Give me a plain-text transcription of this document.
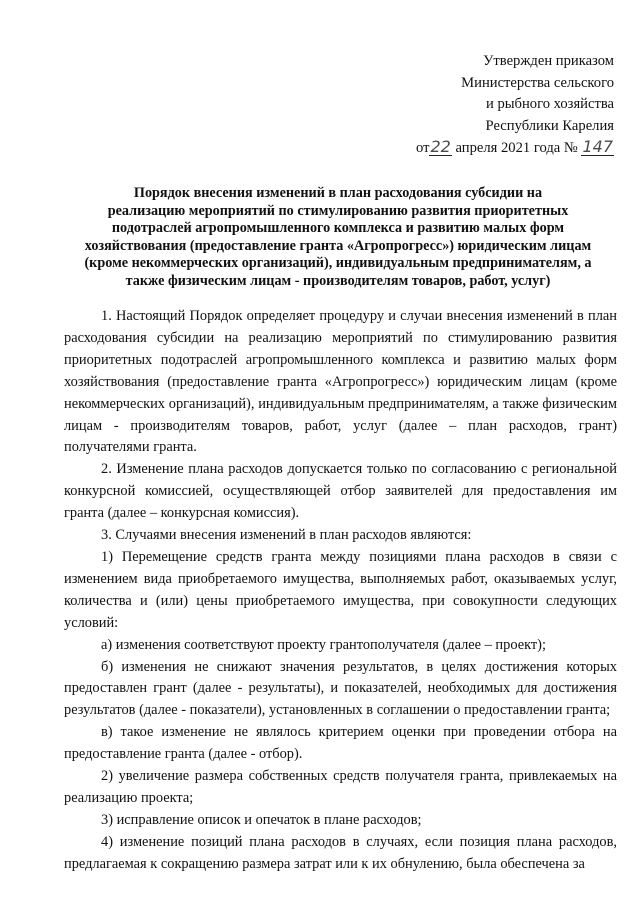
Утвержден приказом
Министерства сельского
и рыбного хозяйства
Республики Карелия
от22 апреля 2021 года № 147
Порядок внесения изменений в план расходования субсидии на
реализацию мероприятий по стимулированию развития приоритетных
подотраслей агропромышленного комплекса и развитию малых форм
хозяйствования (предоставление гранта «Агропрогресс») юридическим лицам
(кроме некоммерческих организаций), индивидуальным предпринимателям, а
также физическим лицам - производителям товаров, работ, услуг)

1. Настоящий Порядок определяет процедуру и случаи внесения изменений в план расходования субсидии на реализацию мероприятий по стимулированию развития приоритетных подотраслей агропромышленного комплекса и развитию малых форм хозяйствования (предоставление гранта «Агропрогресс») юридическим лицам (кроме некоммерческих организаций), индивидуальным предпринимателям, а также физическим лицам - производителям товаров, работ, услуг (далее – план расходов, грант) получателями гранта.

2. Изменение плана расходов допускается только по согласованию с региональной конкурсной комиссией, осуществляющей отбор заявителей для предоставления им гранта (далее – конкурсная комиссия).

3. Случаями внесения изменений в план расходов являются:

1) Перемещение средств гранта между позициями плана расходов в связи с изменением вида приобретаемого имущества, выполняемых работ, оказываемых услуг, количества и (или) цены приобретаемого имущества, при совокупности следующих условий:

а) изменения соответствуют проекту грантополучателя (далее – проект);

б) изменения не снижают значения результатов, в целях достижения которых предоставлен грант (далее - результаты), и показателей, необходимых для достижения результатов (далее - показатели), установленных в соглашении о предоставлении гранта;

в) такое изменение не являлось критерием оценки при проведении отбора на предоставление гранта (далее - отбор).

2) увеличение размера собственных средств получателя гранта, привлекаемых на реализацию проекта;

3) исправление описок и опечаток в плане расходов;

4) изменение позиций плана расходов в случаях, если позиция плана расходов, предлагаемая к сокращению размера затрат или к их обнулению, была обеспечена за
